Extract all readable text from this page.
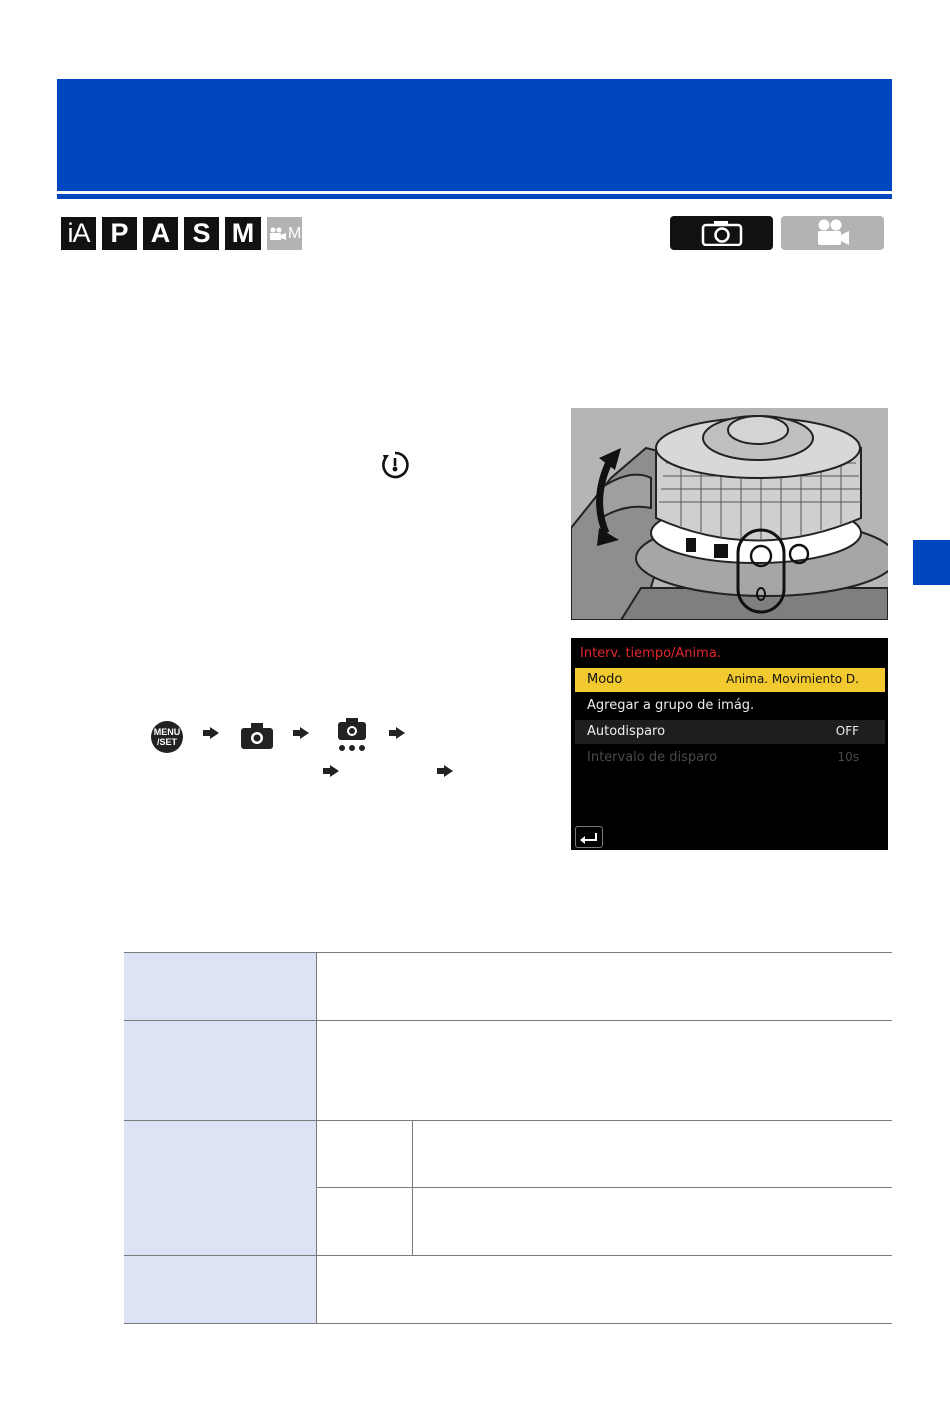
iA P A S M	M
MENU
/SET
Interv. tiempo/Anima.
Modo	Anima. Movimiento D.
Agregar a grupo de imág.
Autodisparo	OFF
Intervalo de disparo	10s
